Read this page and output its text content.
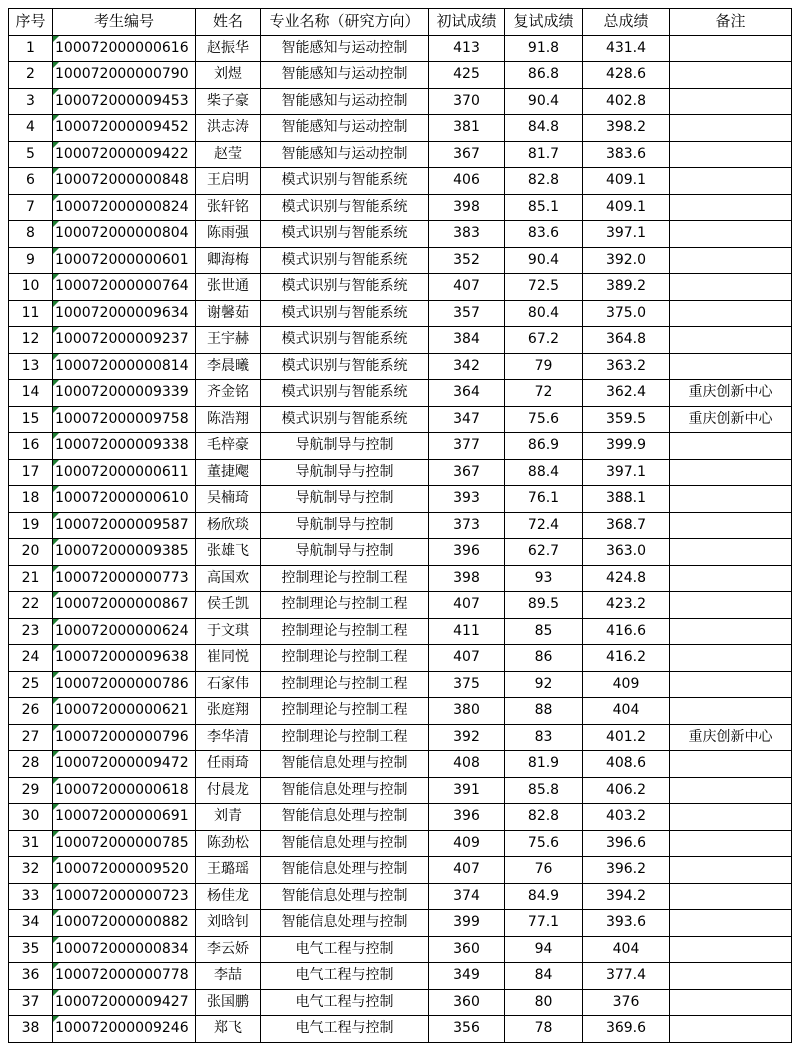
序号	考生编号	姓名	专业名称（研究方向）	初试成绩	复试成绩	总成绩	备注
1	100072000000616	赵振华	智能感知与运动控制	413	91.8	431.4	
2	100072000000790	刘煜	智能感知与运动控制	425	86.8	428.6	
3	100072000009453	柴子豪	智能感知与运动控制	370	90.4	402.8	
4	100072000009452	洪志涛	智能感知与运动控制	381	84.8	398.2	
5	100072000009422	赵莹	智能感知与运动控制	367	81.7	383.6	
6	100072000000848	王启明	模式识别与智能系统	406	82.8	409.1	
7	100072000000824	张轩铭	模式识别与智能系统	398	85.1	409.1	
8	100072000000804	陈雨强	模式识别与智能系统	383	83.6	397.1	
9	100072000000601	卿海梅	模式识别与智能系统	352	90.4	392.0	
10	100072000000764	张世通	模式识别与智能系统	407	72.5	389.2	
11	100072000009634	谢馨茹	模式识别与智能系统	357	80.4	375.0	
12	100072000009237	王宇赫	模式识别与智能系统	384	67.2	364.8	
13	100072000000814	李晨曦	模式识别与智能系统	342	79	363.2	
14	100072000009339	齐金铭	模式识别与智能系统	364	72	362.4	重庆创新中心
15	100072000009758	陈浩翔	模式识别与智能系统	347	75.6	359.5	重庆创新中心
16	100072000009338	毛梓豪	导航制导与控制	377	86.9	399.9	
17	100072000000611	董捷飔	导航制导与控制	367	88.4	397.1	
18	100072000000610	吴楠琦	导航制导与控制	393	76.1	388.1	
19	100072000009587	杨欣琰	导航制导与控制	373	72.4	368.7	
20	100072000009385	张雄飞	导航制导与控制	396	62.7	363.0	
21	100072000000773	高国欢	控制理论与控制工程	398	93	424.8	
22	100072000000867	侯壬凯	控制理论与控制工程	407	89.5	423.2	
23	100072000000624	于文琪	控制理论与控制工程	411	85	416.6	
24	100072000009638	崔同悦	控制理论与控制工程	407	86	416.2	
25	100072000000786	石家伟	控制理论与控制工程	375	92	409	
26	100072000000621	张庭翔	控制理论与控制工程	380	88	404	
27	100072000000796	李华清	控制理论与控制工程	392	83	401.2	重庆创新中心
28	100072000009472	任雨琦	智能信息处理与控制	408	81.9	408.6	
29	100072000000618	付晨龙	智能信息处理与控制	391	85.8	406.2	
30	100072000000691	刘青	智能信息处理与控制	396	82.8	403.2	
31	100072000000785	陈劲松	智能信息处理与控制	409	75.6	396.6	
32	100072000009520	王璐瑶	智能信息处理与控制	407	76	396.2	
33	100072000000723	杨佳龙	智能信息处理与控制	374	84.9	394.2	
34	100072000000882	刘晗钊	智能信息处理与控制	399	77.1	393.6	
35	100072000000834	李云娇	电气工程与控制	360	94	404	
36	100072000000778	李喆	电气工程与控制	349	84	377.4	
37	100072000009427	张国鹏	电气工程与控制	360	80	376	
38	100072000009246	郑飞	电气工程与控制	356	78	369.6	
